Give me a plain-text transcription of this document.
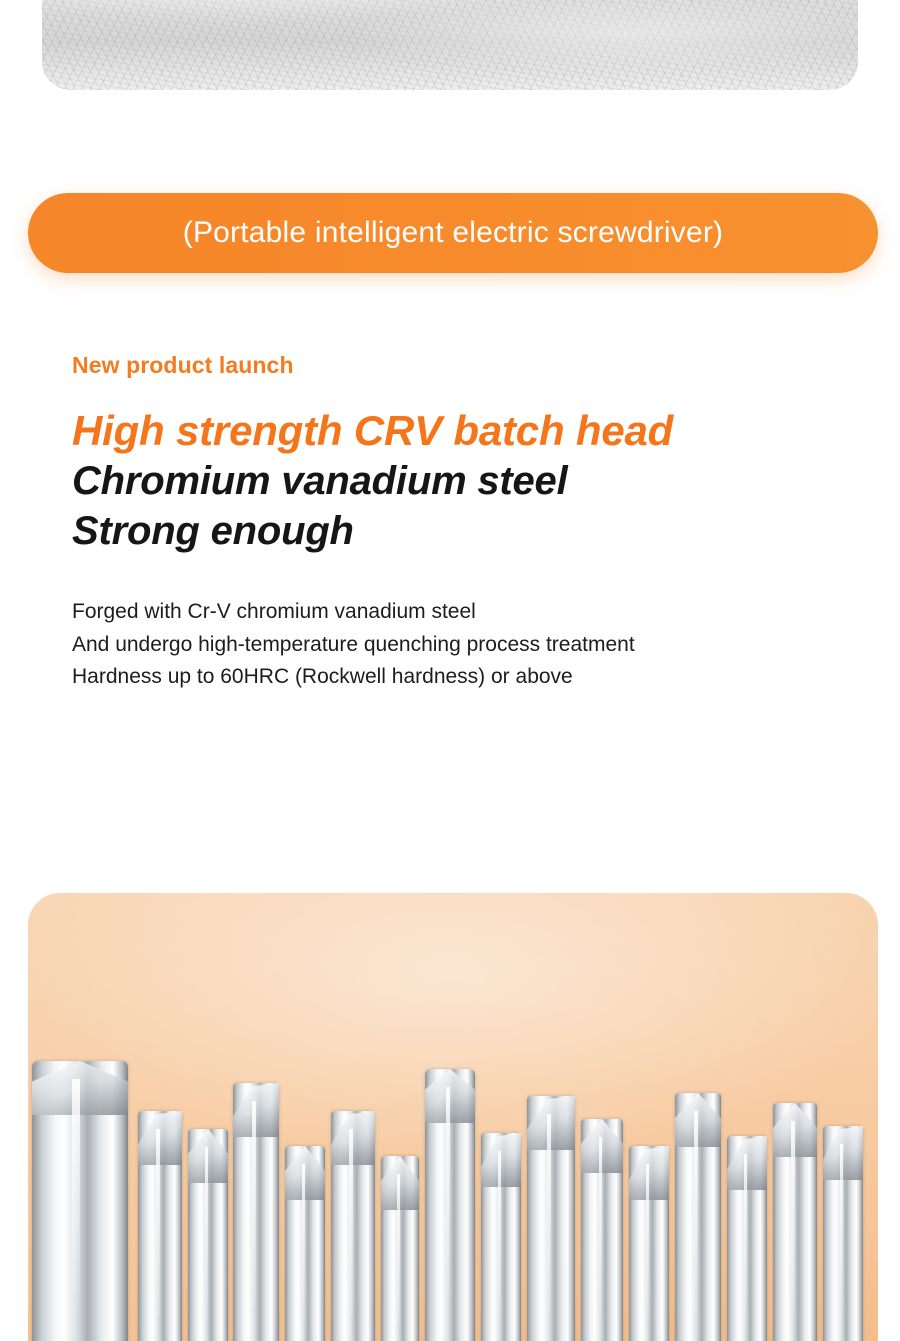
(Portable intelligent electric screwdriver)

New product launch

High strength CRV batch head
Chromium vanadium steel
Strong enough
Forged with Cr-V chromium vanadium steel
And undergo high-temperature quenching process treatment
Hardness up to 60HRC (Rockwell hardness) or above
